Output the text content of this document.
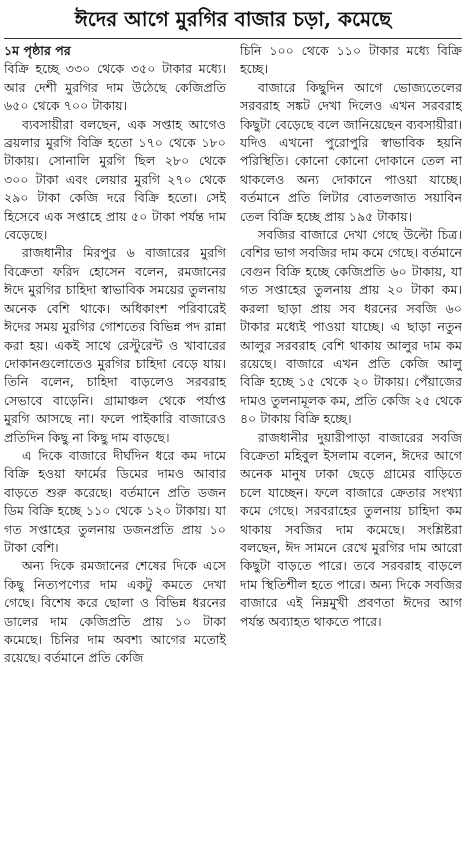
ঈদের আগে মুরগির বাজার চড়া, কমেছে

১ম পৃষ্ঠার পর

বিক্রি হচ্ছে ৩৩০ থেকে ৩৫০ টাকার মধ্যে। আর দেশী মুরগির দাম উঠেছে কেজিপ্রতি ৬৫০ থেকে ৭০০ টাকায়।

ব্যবসায়ীরা বলছেন, এক সপ্তাহ আগেও ব্রয়লার মুরগি বিক্রি হতো ১৭০ থেকে ১৮০ টাকায়। সোনালি মুরগি ছিল ২৮০ থেকে ৩০০ টাকা এবং লেয়ার মুরগি ২৭০ থেকে ২৯০ টাকা কেজি দরে বিক্রি হতো। সেই হিসেবে এক সপ্তাহে প্রায় ৫০ টাকা পর্যন্ত দাম বেড়েছে।

রাজধানীর মিরপুর ৬ বাজারের মুরগি বিক্রেতা ফরিদ হোসেন বলেন, রমজানের ঈদে মুরগির চাহিদা স্বাভাবিক সময়ের তুলনায় অনেক বেশি থাকে। অধিকাংশ পরিবারেই ঈদের সময় মুরগির গোশতের বিভিন্ন পদ রান্না করা হয়। একই সাথে রেস্টুরেন্ট ও খাবারের দোকানগুলোতেও মুরগির চাহিদা বেড়ে যায়। তিনি বলেন, চাহিদা বাড়লেও সরবরাহ সেভাবে বাড়েনি। গ্রামাঞ্চল থেকে পর্যাপ্ত মুরগি আসছে না। ফলে পাইকারি বাজারেও প্রতিদিন কিছু না কিছু দাম বাড়ছে।

এ দিকে বাজারে দীর্ঘদিন ধরে কম দামে বিক্রি হওয়া ফার্মের ডিমের দামও আবার বাড়তে শুরু করেছে। বর্তমানে প্রতি ডজন ডিম বিক্রি হচ্ছে ১১০ থেকে ১২০ টাকায়। যা গত সপ্তাহের তুলনায় ডজনপ্রতি প্রায় ১০ টাকা বেশি।

অন্য দিকে রমজানের শেষের দিকে এসে কিছু নিত্যপণ্যের দাম একটু কমতে দেখা গেছে। বিশেষ করে ছোলা ও বিভিন্ন ধরনের ডালের দাম কেজিপ্রতি প্রায় ১০ টাকা কমেছে। চিনির দাম অবশ্য আগের মতোই রয়েছে। বর্তমানে প্রতি কেজি

চিনি ১০০ থেকে ১১০ টাকার মধ্যে বিক্রি হচ্ছে।

বাজারে কিছুদিন আগে ভোজ্যতেলের সরবরাহ সঙ্কট দেখা দিলেও এখন সরবরাহ কিছুটা বেড়েছে বলে জানিয়েছেন ব্যবসায়ীরা। যদিও এখনো পুরোপুরি স্বাভাবিক হয়নি পরিস্থিতি। কোনো কোনো দোকানে তেল না থাকলেও অন্য দোকানে পাওয়া যাচ্ছে। বর্তমানে প্রতি লিটার বোতলজাত সয়াবিন তেল বিক্রি হচ্ছে প্রায় ১৯৫ টাকায়।

সবজির বাজারে দেখা গেছে উল্টো চিত্র। বেশির ভাগ সবজির দাম কমে গেছে। বর্তমানে বেগুন বিক্রি হচ্ছে কেজিপ্রতি ৬০ টাকায়, যা গত সপ্তাহের তুলনায় প্রায় ২০ টাকা কম। করলা ছাড়া প্রায় সব ধরনের সবজি ৬০ টাকার মধ্যেই পাওয়া যাচ্ছে। এ ছাড়া নতুন আলুর সরবরাহ বেশি থাকায় আলুর দাম কম রয়েছে। বাজারে এখন প্রতি কেজি আলু বিক্রি হচ্ছে ১৫ থেকে ২০ টাকায়। পেঁয়াজের দামও তুলনামূলক কম, প্রতি কেজি ২৫ থেকে ৪০ টাকায় বিক্রি হচ্ছে।

রাজধানীর দুয়ারীপাড়া বাজারের সবজি বিক্রেতা মহিবুল ইসলাম বলেন, ঈদের আগে অনেক মানুষ ঢাকা ছেড়ে গ্রামের বাড়িতে চলে যাচ্ছেন। ফলে বাজারে ক্রেতার সংখ্যা কমে গেছে। সরবরাহের তুলনায় চাহিদা কম থাকায় সবজির দাম কমেছে। সংশ্লিষ্টরা বলছেন, ঈদ সামনে রেখে মুরগির দাম আরো কিছুটা বাড়তে পারে। তবে সরবরাহ বাড়লে দাম স্থিতিশীল হতে পারে। অন্য দিকে সবজির বাজারে এই নিম্নমুখী প্রবণতা ঈদের আগ পর্যন্ত অব্যাহত থাকতে পারে।
